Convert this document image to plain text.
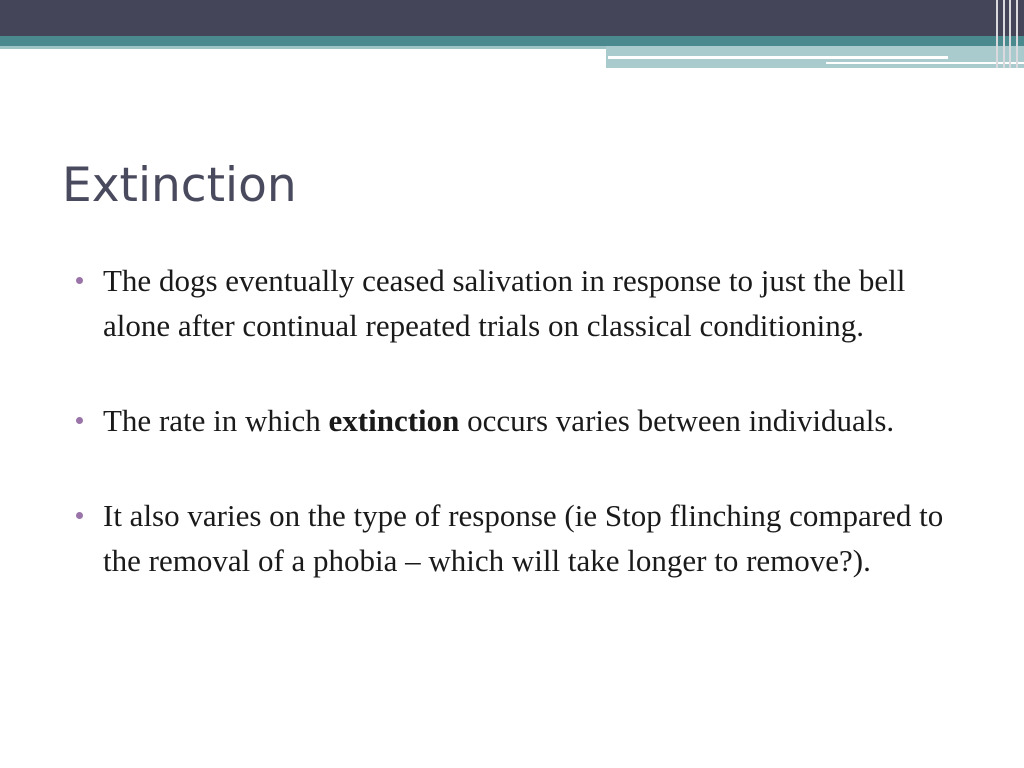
Extinction
The dogs eventually ceased salivation in response to just the bell alone after continual repeated trials on classical conditioning.
The rate in which extinction occurs varies between individuals.
It also varies on the type of response (ie Stop flinching compared to the removal of a phobia – which will take longer to remove?).
